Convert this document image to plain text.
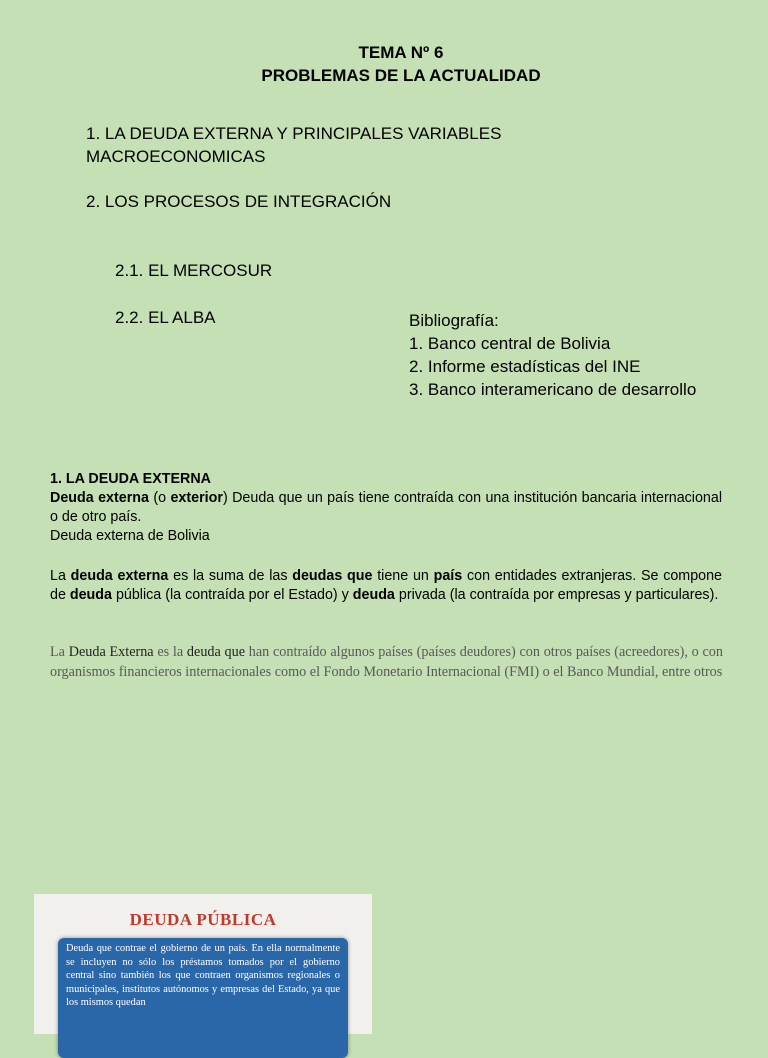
TEMA Nº 6
PROBLEMAS DE LA ACTUALIDAD
1. LA DEUDA EXTERNA Y PRINCIPALES VARIABLES
MACROECONOMICAS
2. LOS PROCESOS DE INTEGRACIÓN
2.1. EL MERCOSUR
2.2. EL ALBA	Bibliografía:
1. Banco central de Bolivia
2. Informe estadísticas del INE
3. Banco interamericano de desarrollo
1. LA DEUDA EXTERNA
Deuda externa (o exterior) Deuda que un país tiene contraída con una institución bancaria internacional o de otro país.
Deuda externa de Bolivia
La deuda externa es la suma de las deudas que tiene un país con entidades extranjeras. Se compone de deuda pública (la contraída por el Estado) y deuda privada (la contraída por empresas y particulares).
La Deuda Externa es la deuda que han contraído algunos países (países deudores) con otros países (acreedores), o con organismos financieros internacionales como el Fondo Monetario Internacional (FMI) o el Banco Mundial, entre otros
DEUDA PÚBLICA
Deuda que contrae el gobierno de un país. En ella normalmente se incluyen no sólo los préstamos tomados por el gobierno central sino también los que contraen organismos regionales o municipales, institutos autónomos y empresas del Estado, ya que los mismos quedan
